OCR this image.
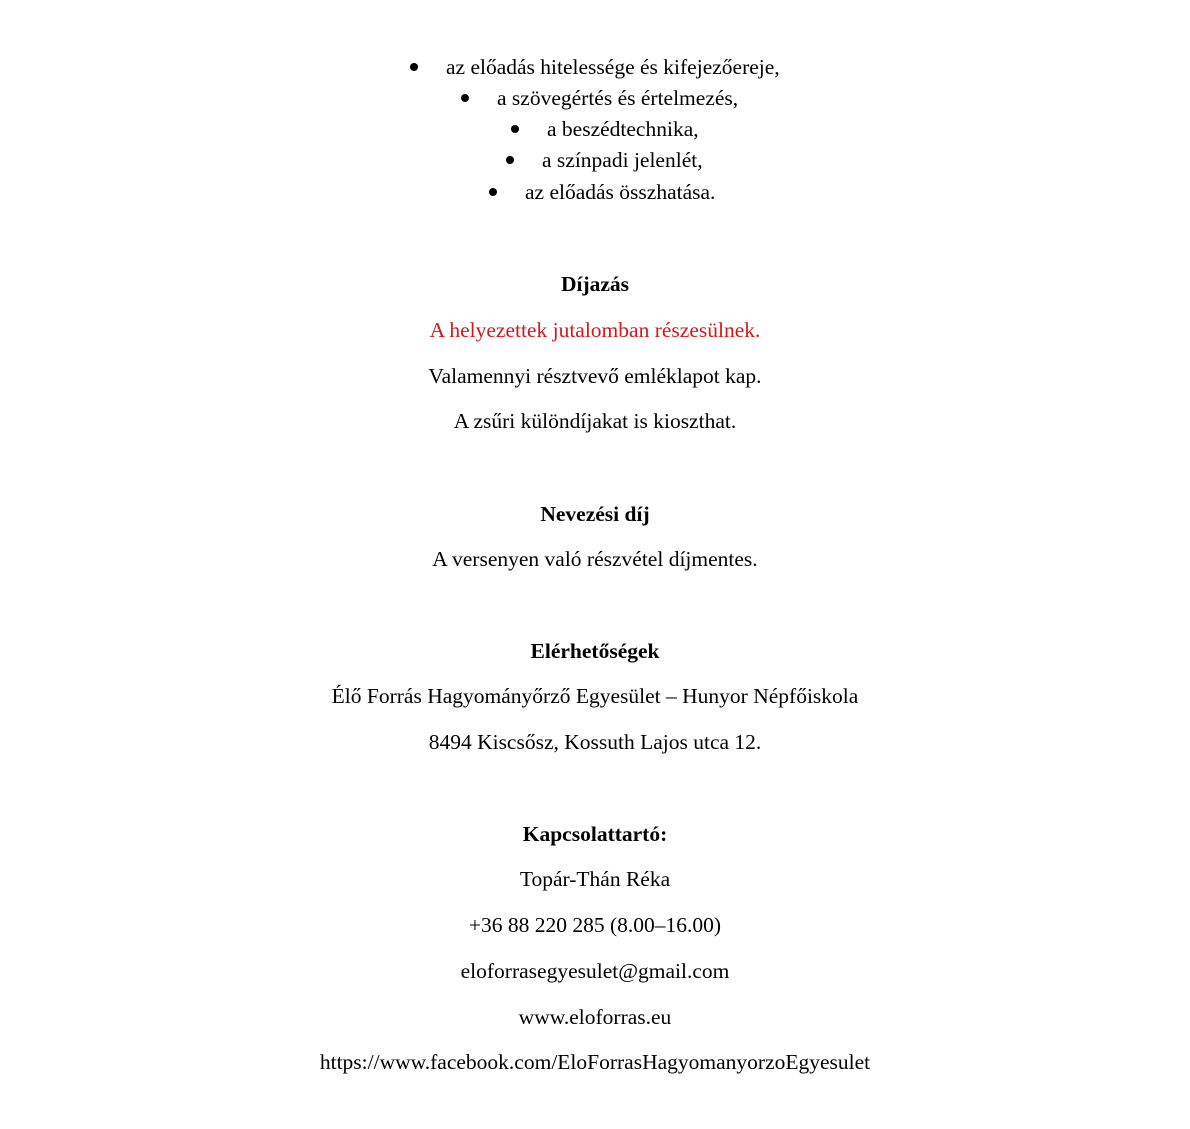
az előadás hitelessége és kifejezőereje,
a szövegértés és értelmezés,
a beszédtechnika,
a színpadi jelenlét,
az előadás összhatása.
Díjazás
A helyezettek jutalomban részesülnek.
Valamennyi résztvevő emléklapot kap.
A zsűri különdíjakat is kioszthat.
Nevezési díj
A versenyen való részvétel díjmentes.
Elérhetőségek
Élő Forrás Hagyományőrző Egyesület – Hunyor Népfőiskola
8494 Kiscsősz, Kossuth Lajos utca 12.
Kapcsolattartó:
Topár-Thán Réka
+36 88 220 285 (8.00–16.00)
eloforrasegyesulet@gmail.com
www.eloforras.eu
https://www.facebook.com/EloForrasHagyomanyorzoEgyesulet
